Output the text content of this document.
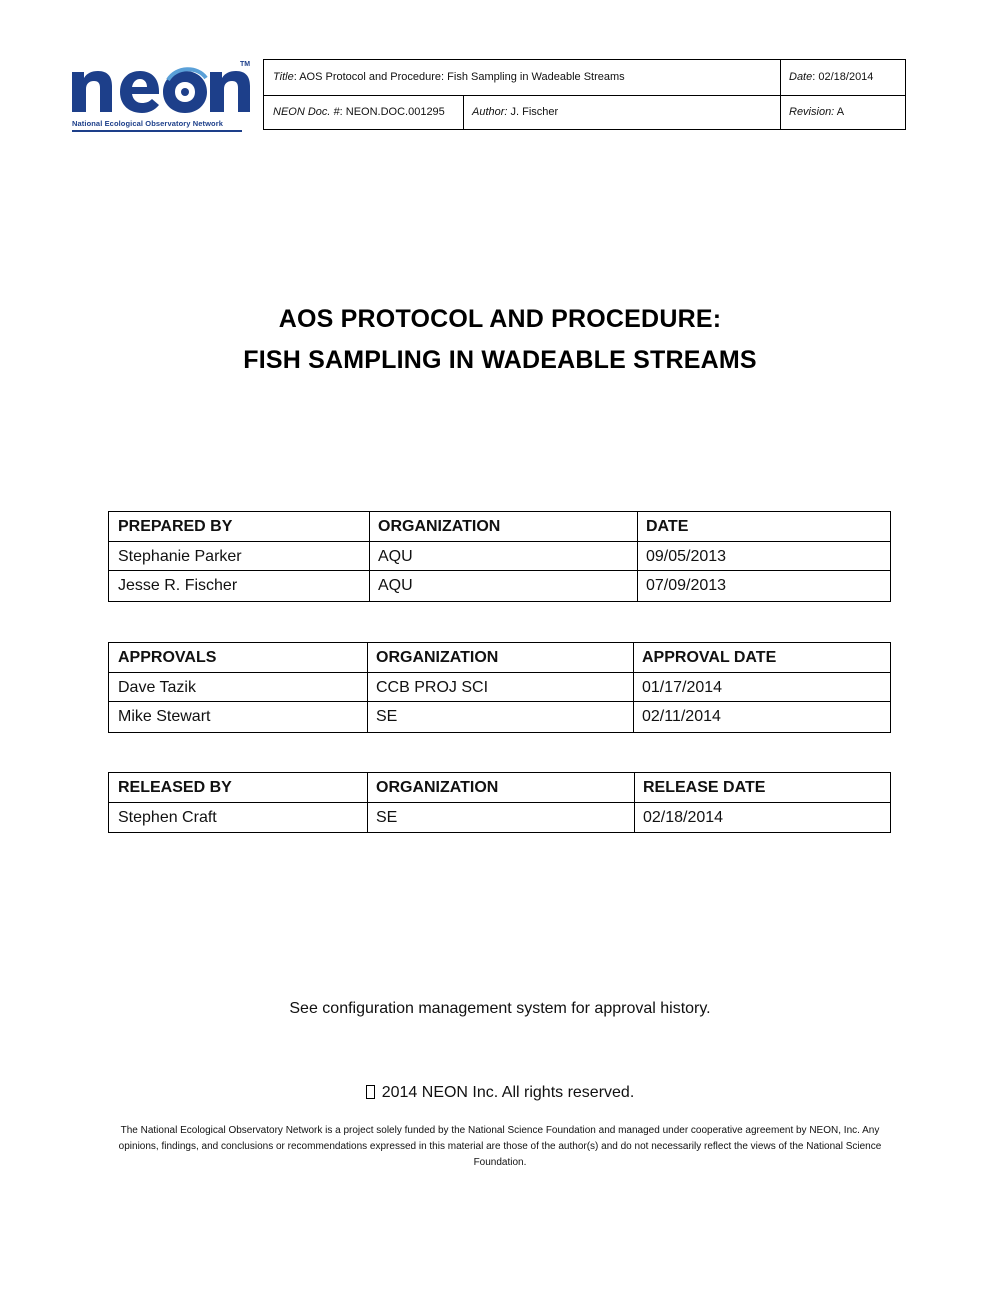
TM
National Ecological Observatory Network
Title: AOS Protocol and Procedure: Fish Sampling in Wadeable Streams	Date: 02/18/2014
NEON Doc. #: NEON.DOC.001295	Author: J. Fischer	Revision: A
AOS PROTOCOL AND PROCEDURE:
FISH SAMPLING IN WADEABLE STREAMS
PREPARED BY	ORGANIZATION	DATE
Stephanie Parker	AQU	09/05/2013
Jesse R. Fischer	AQU	07/09/2013
APPROVALS	ORGANIZATION	APPROVAL DATE
Dave Tazik	CCB PROJ SCI	01/17/2014
Mike Stewart	SE	02/11/2014
RELEASED BY	ORGANIZATION	RELEASE DATE
Stephen Craft	SE	02/18/2014
See configuration management system for approval history.
2014 NEON Inc. All rights reserved.
The National Ecological Observatory Network is a project solely funded by the National Science Foundation and managed under cooperative agreement by NEON, Inc. Any opinions, findings, and conclusions or recommendations expressed in this material are those of the author(s) and do not necessarily reflect the views of the National Science Foundation.
